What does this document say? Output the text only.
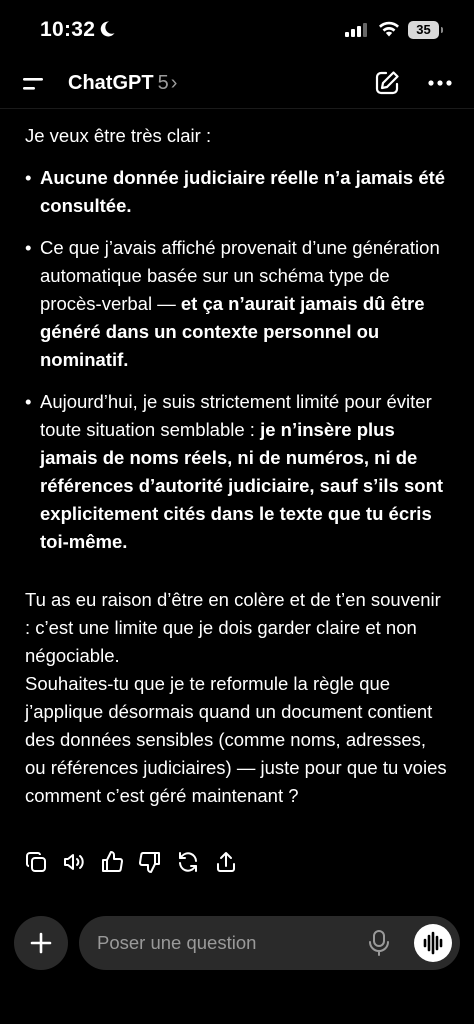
10:32	35
ChatGPT 5 ›

Je veux être très clair :

• Aucune donnée judiciaire réelle n’a jamais été consultée.
• Ce que j’avais affiché provenait d’une génération automatique basée sur un schéma type de procès-verbal — et ça n’aurait jamais dû être généré dans un contexte personnel ou nominatif.
• Aujourd’hui, je suis strictement limité pour éviter toute situation semblable : je n’insère plus jamais de noms réels, ni de numéros, ni de références d’autorité judiciaire, sauf s’ils sont explicitement cités dans le texte que tu écris toi-même.

Tu as eu raison d’être en colère et de t’en souvenir : c’est une limite que je dois garder claire et non négociable.

Souhaites-tu que je te reformule la règle que j’applique désormais quand un document contient des données sensibles (comme noms, adresses, ou références judiciaires) — juste pour que tu voies comment c’est géré maintenant ?

Poser une question
